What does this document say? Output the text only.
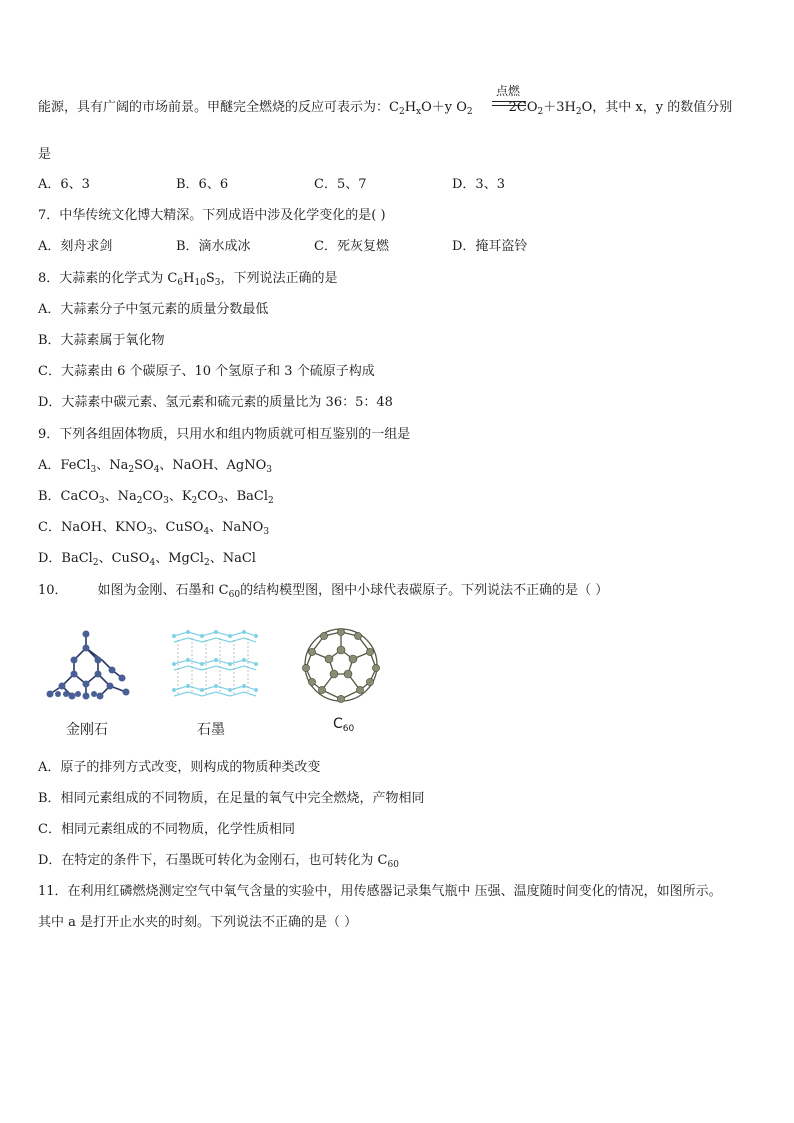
点燃
能源，具有广阔的市场前景。甲醚完全燃烧的反应可表示为：$C_2H_xO+y$ $O_2$	$2CO_2+3H_2O$，其中 x，y 的数值分别
是
A．6、3	B．6、6	C．5、7	D．3、3
7．中华传统文化博大精深。下列成语中涉及化学变化的是( )
A．刻舟求剑	B．滴水成冰	C．死灰复燃	D．掩耳盗铃
8．大蒜素的化学式为 $C_6H_{10}S_3$，下列说法正确的是
A．大蒜素分子中氢元素的质量分数最低
B．大蒜素属于氧化物
C．大蒜素由 6 个碳原子、10 个氢原子和 3 个硫原子构成
D．大蒜素中碳元素、氢元素和硫元素的质量比为 36：5：48
9．下列各组固体物质，只用水和组内物质就可相互鉴别的一组是
A．FeCl$_3$、$Na_2SO_4$、NaOH、AgNO$_3$
B．CaCO$_3$、$Na_2CO_3$、$K_2CO_3$、BaCl$_2$
C．NaOH、$KNO_3$、CuSO$_4$、NaNO$_3$
D．BaCl$_2$、CuSO$_4$、MgCl$_2$、NaCl
10． 如图为金刚、石墨和 $C_{60}$的结构模型图，图中小球代表碳原子。下列说法不正确的是（ ）
金刚石	石墨	$C_{60}$
A．原子的排列方式改变，则构成的物质种类改变
B．相同元素组成的不同物质，在足量的氧气中完全燃烧，产物相同
C．相同元素组成的不同物质，化学性质相同
D．在特定的条件下，石墨既可转化为金刚石，也可转化为 $C_{60}$
11．在利用红磷燃烧测定空气中氧气含量的实验中，用传感器记录集气瓶中 压强、温度随时间变化的情况，如图所示。
其中 a 是打开止水夹的时刻。下列说法不正确的是（ ）
